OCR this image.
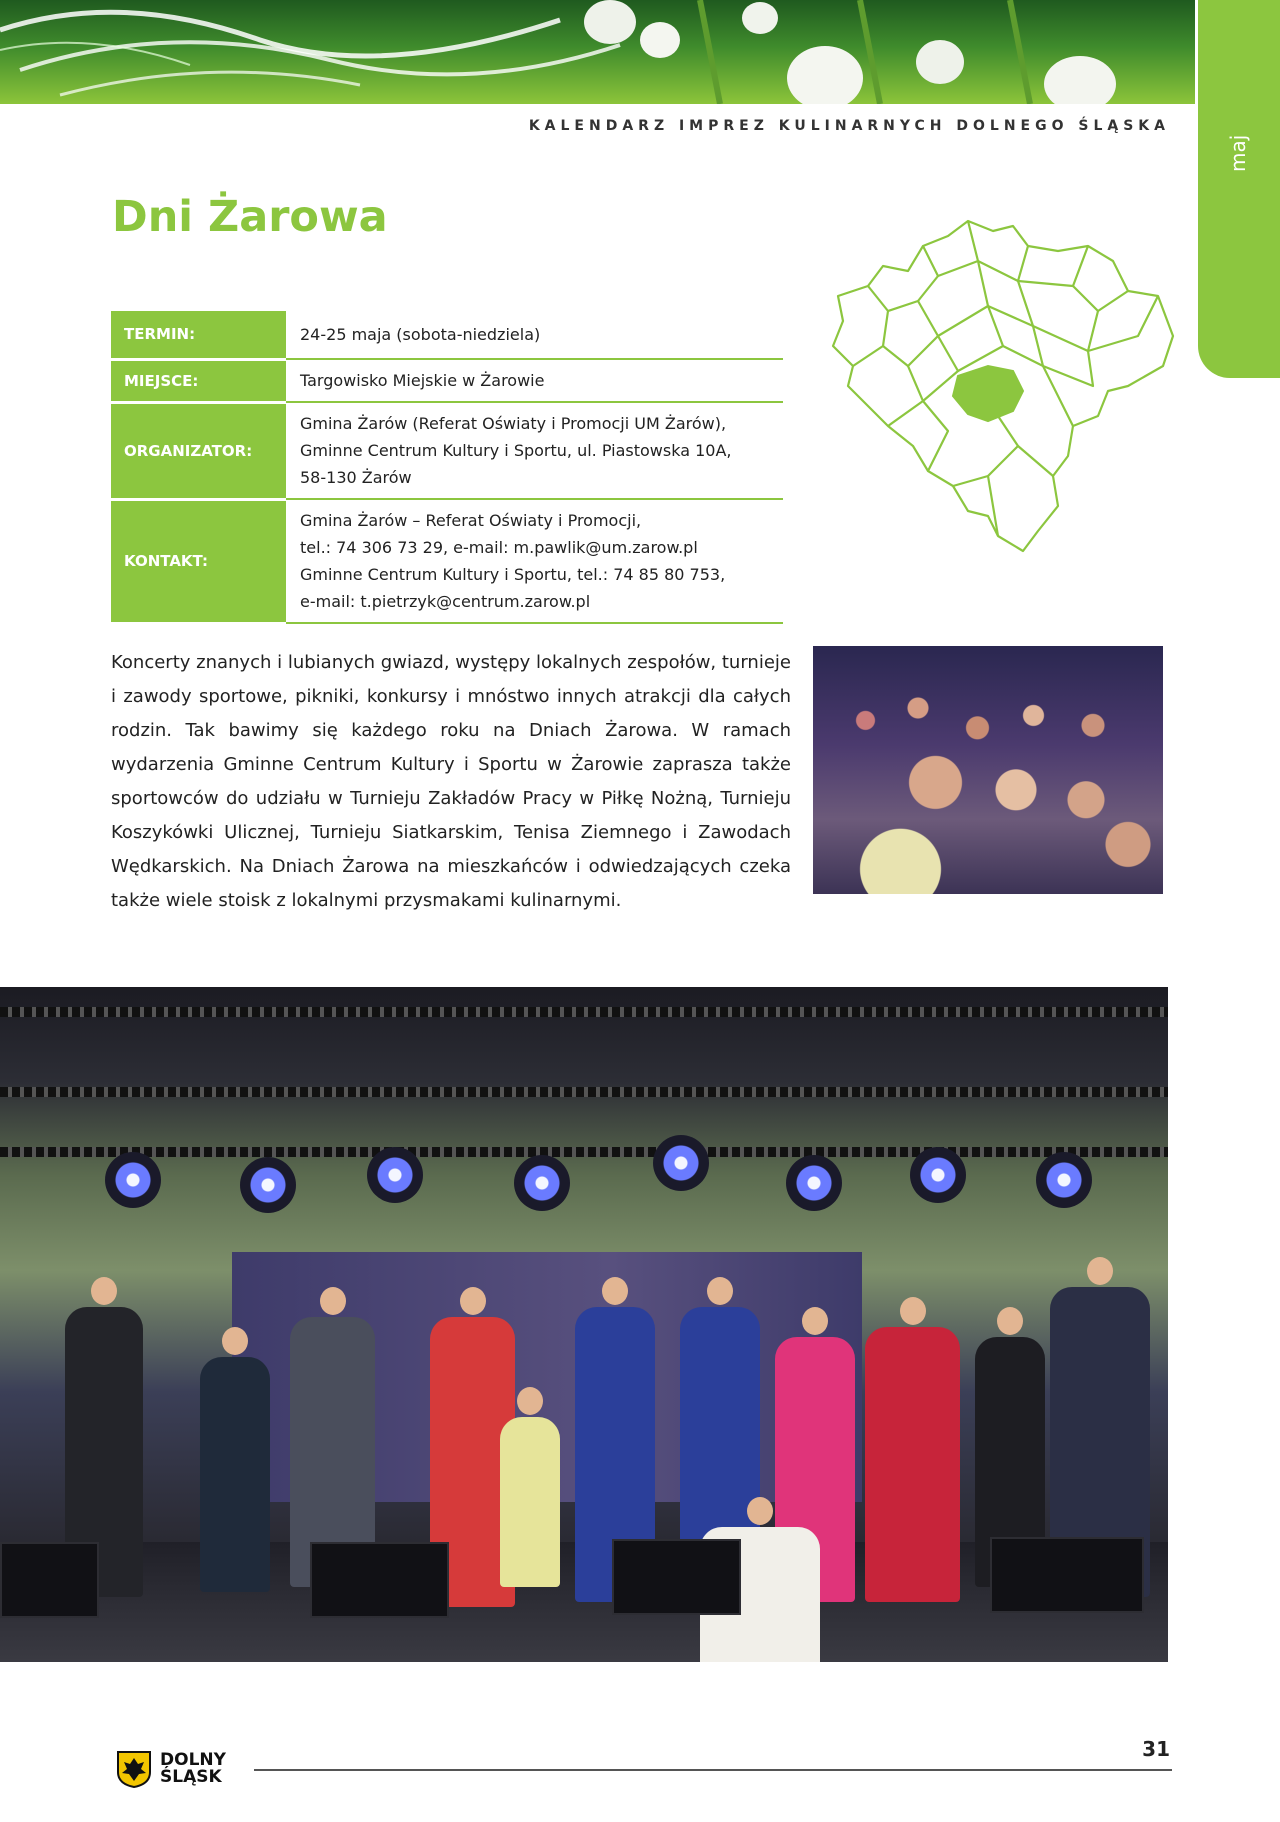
maj
KALENDARZ IMPREZ KULINARNYCH DOLNEGO ŚLĄSKA
Dni Żarowa
TERMIN:	24-25 maja (sobota-niedziela)

MIEJSCE:	Targowisko Miejskie w Żarowie

ORGANIZATOR:	Gmina Żarów (Referat Oświaty i Promocji UM Żarów),
Gminne Centrum Kultury i Sportu, ul. Piastowska 10A,
58-130 Żarów

KONTAKT:	Gmina Żarów – Referat Oświaty i Promocji,
tel.: 74 306 73 29, e-mail: m.pawlik@um.zarow.pl
Gminne Centrum Kultury i Sportu, tel.: 74 85 80 753,
e-mail: t.pietrzyk@centrum.zarow.pl

Koncerty znanych i lubianych gwiazd, występy lokalnych zespołów, turnieje i zawody sportowe, pikniki, konkursy i mnóstwo innych atrakcji dla całych rodzin. Tak bawimy się każdego roku na Dniach Żarowa. W ramach wydarzenia Gminne Centrum Kultury i Sportu w Żarowie zaprasza także sportowców do udziału w Turnieju Zakładów Pracy w Piłkę Nożną, Turnieju Koszykówki Ulicznej, Turnieju Siatkarskim, Tenisa Ziemnego i Zawodach Wędkarskich. Na Dniach Żarowa na mieszkańców i odwiedzających czeka także wiele stoisk z lokalnymi przysmakami kulinarnymi.

DOLNY
ŚLĄSK
31
